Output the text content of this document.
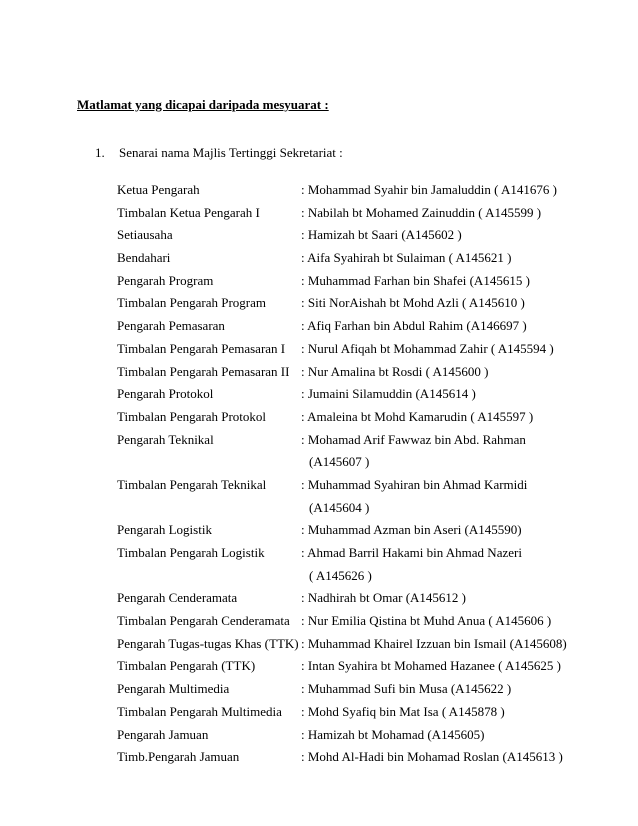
Matlamat yang dicapai daripada mesyuarat :
1. Senarai nama Majlis Tertinggi Sekretariat :
Ketua Pengarah	: Mohammad Syahir bin Jamaluddin ( A141676 )
Timbalan Ketua Pengarah I	: Nabilah bt Mohamed Zainuddin ( A145599 )
Setiausaha	: Hamizah bt Saari (A145602 )
Bendahari	: Aifa Syahirah bt Sulaiman ( A145621 )
Pengarah Program	: Muhammad Farhan bin Shafei (A145615 )
Timbalan Pengarah Program	: Siti NorAishah bt Mohd Azli ( A145610 )
Pengarah Pemasaran	: Afiq Farhan bin Abdul Rahim (A146697 )
Timbalan Pengarah Pemasaran I	: Nurul Afiqah bt Mohammad Zahir ( A145594 )
Timbalan Pengarah Pemasaran II : Nur Amalina bt Rosdi ( A145600 )
Pengarah Protokol	: Jumaini Silamuddin (A145614 )
Timbalan Pengarah Protokol	: Amaleina bt Mohd Kamarudin ( A145597 )
Pengarah Teknikal	: Mohamad Arif Fawwaz bin Abd. Rahman
(A145607 )
Timbalan Pengarah Teknikal	: Muhammad Syahiran bin Ahmad Karmidi
(A145604 )
Pengarah Logistik	: Muhammad Azman bin Aseri (A145590)
Timbalan Pengarah Logistik	: Ahmad Barril Hakami bin Ahmad Nazeri
( A145626 )
Pengarah Cenderamata	: Nadhirah bt Omar (A145612 )
Timbalan Pengarah Cenderamata : Nur Emilia Qistina bt Muhd Anua ( A145606 )
Pengarah Tugas-tugas Khas (TTK) : Muhammad Khairel Izzuan bin Ismail (A145608)
Timbalan Pengarah (TTK)	: Intan Syahira bt Mohamed Hazanee ( A145625 )
Pengarah Multimedia	: Muhammad Sufi bin Musa (A145622 )
Timbalan Pengarah Multimedia	: Mohd Syafiq bin Mat Isa ( A145878 )
Pengarah Jamuan	: Hamizah bt Mohamad (A145605)
Timb.Pengarah Jamuan	: Mohd Al-Hadi bin Mohamad Roslan (A145613 )
